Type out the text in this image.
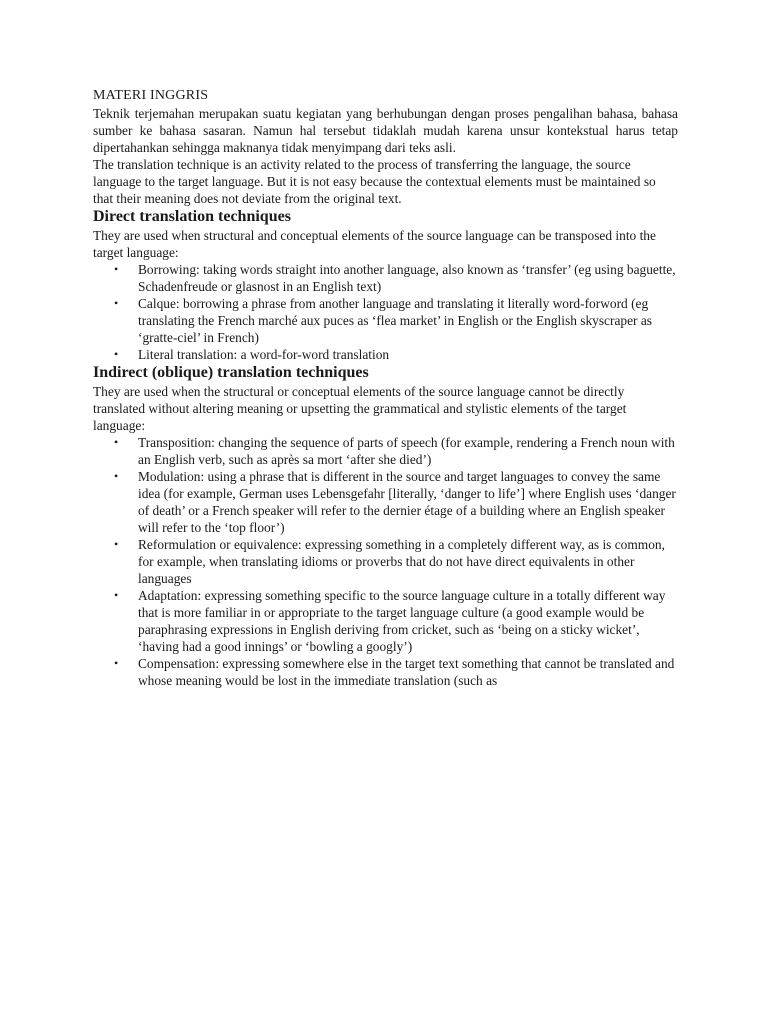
MATERI INGGRIS

Teknik terjemahan merupakan suatu kegiatan yang berhubungan dengan proses pengalihan bahasa, bahasa sumber ke bahasa sasaran. Namun hal tersebut tidaklah mudah karena unsur kontekstual harus tetap dipertahankan sehingga maknanya tidak menyimpang dari teks asli.

The translation technique is an activity related to the process of transferring the language, the source language to the target language. But it is not easy because the contextual elements must be maintained so that their meaning does not deviate from the original text.

Direct translation techniques

They are used when structural and conceptual elements of the source language can be transposed into the target language:

• Borrowing: taking words straight into another language, also known as ‘transfer’ (eg using baguette, Schadenfreude or glasnost in an English text)
• Calque: borrowing a phrase from another language and translating it literally word-forword (eg translating the French marché aux puces as ‘flea market’ in English or the English skyscraper as ‘gratte-ciel’ in French)
• Literal translation: a word-for-word translation
Indirect (oblique) translation techniques

They are used when the structural or conceptual elements of the source language cannot be directly translated without altering meaning or upsetting the grammatical and stylistic elements of the target language:

• Transposition: changing the sequence of parts of speech (for example, rendering a French noun with an English verb, such as après sa mort ‘after she died’)
• Modulation: using a phrase that is different in the source and target languages to convey the same idea (for example, German uses Lebensgefahr [literally, ‘danger to life’] where English uses ‘danger of death’ or a French speaker will refer to the dernier étage of a building where an English speaker will refer to the ‘top floor’)
• Reformulation or equivalence: expressing something in a completely different way, as is common, for example, when translating idioms or proverbs that do not have direct equivalents in other languages
• Adaptation: expressing something specific to the source language culture in a totally different way that is more familiar in or appropriate to the target language culture (a good example would be paraphrasing expressions in English deriving from cricket, such as ‘being on a sticky wicket’, ‘having had a good innings’ or ‘bowling a googly’)
• Compensation: expressing somewhere else in the target text something that cannot be translated and whose meaning would be lost in the immediate translation (such as
